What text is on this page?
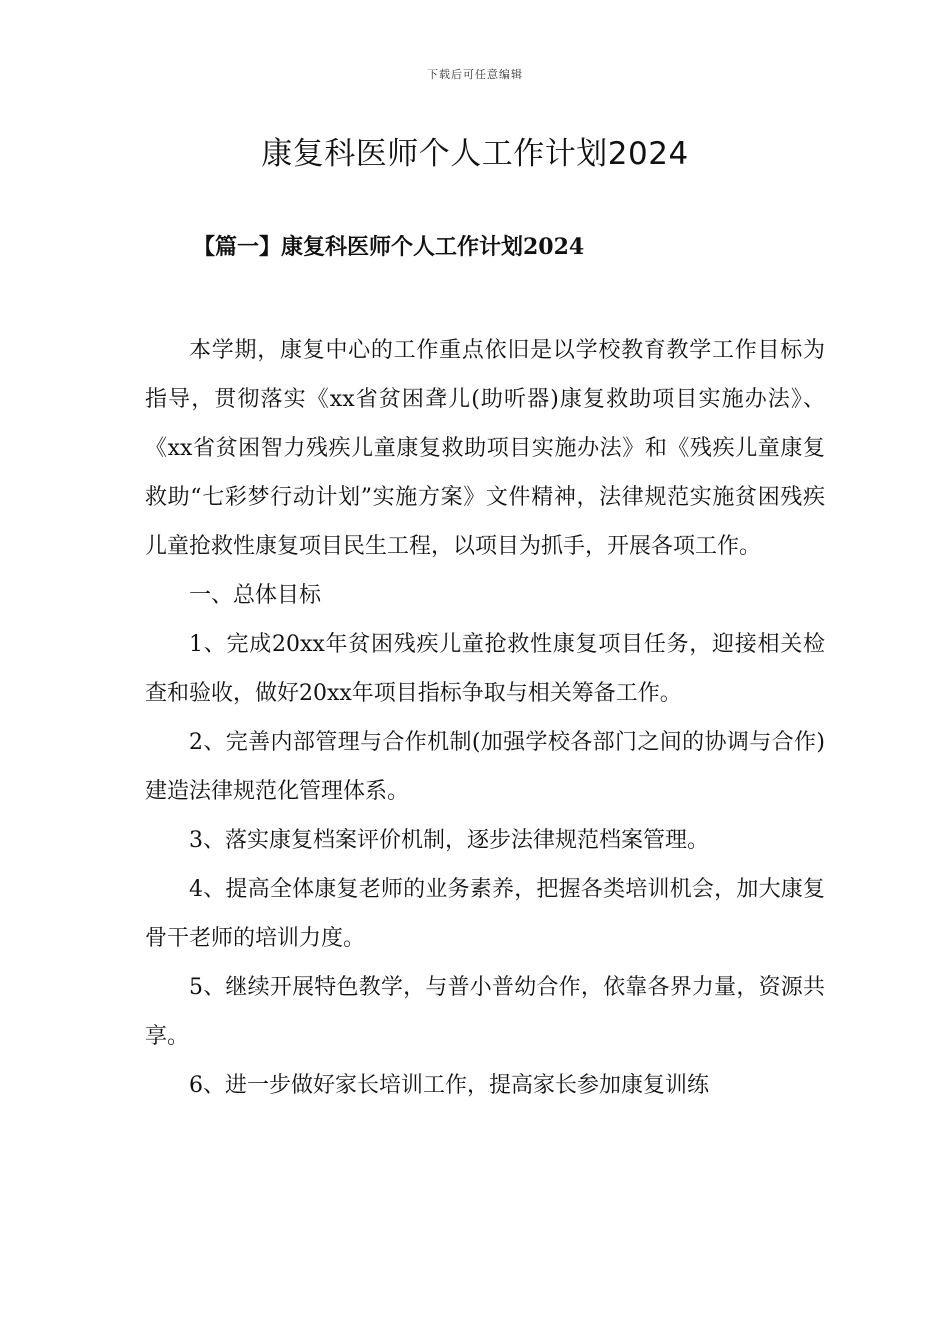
下载后可任意编辑
康复科医师个人工作计划2024
【篇一】康复科医师个人工作计划2024

本学期，康复中心的工作重点依旧是以学校教育教学工作目标为指导，贯彻落实《xx省贫困聋儿(助听器)康复救助项目实施办法》、《xx省贫困智力残疾儿童康复救助项目实施办法》和《残疾儿童康复救助“七彩梦行动计划”实施方案》文件精神，法律规范实施贫困残疾儿童抢救性康复项目民生工程，以项目为抓手，开展各项工作。

一、总体目标

1、完成20xx年贫困残疾儿童抢救性康复项目任务，迎接相关检查和验收，做好20xx年项目指标争取与相关筹备工作。

2、完善内部管理与合作机制(加强学校各部门之间的协调与合作)建造法律规范化管理体系。

3、落实康复档案评价机制，逐步法律规范档案管理。

4、提高全体康复老师的业务素养，把握各类培训机会，加大康复骨干老师的培训力度。

5、继续开展特色教学，与普小普幼合作，依靠各界力量，资源共享。

6、进一步做好家长培训工作，提高家长参加康复训练
